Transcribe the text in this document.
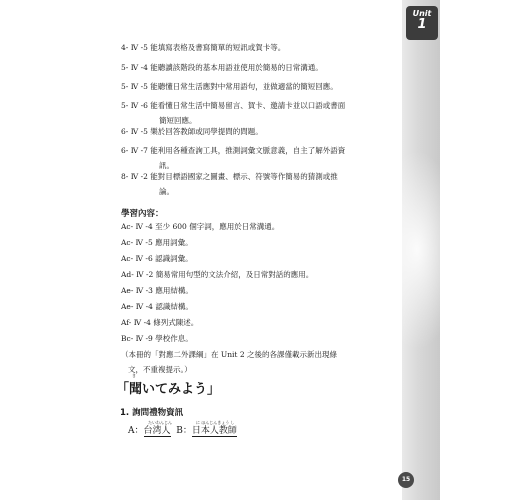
Unit
1
15
4- Ⅳ -5 能填寫表格及書寫簡單的短訊或賀卡等。
5- Ⅳ -4 能聽讀該階段的基本用語並使用於簡易的日常溝通。
5- Ⅳ -5 能聽懂日常生活應對中常用語句，並做適當的簡短回應。
5- Ⅳ -6 能看懂日常生活中簡易留言、賀卡、邀請卡並以口語或書面
簡短回應。
6- Ⅳ -5 樂於回答教師或同學提問的問題。
6- Ⅳ -7 能利用各種查詢工具，推測詞彙文脈意義，自主了解外語資
訊。
8- Ⅳ -2 能對目標語國家之圖畫、標示、符號等作簡易的猜測或推
論。
學習內容：
Ac- Ⅳ -4 至少 600 個字詞，應用於日常溝通。
Ac- Ⅳ -5 應用詞彙。
Ac- Ⅳ -6 認識詞彙。
Ad- Ⅳ -2 簡易常用句型的文法介紹，及日常對話的應用。
Ae- Ⅳ -3 應用結構。
Ae- Ⅳ -4 認識結構。
Af- Ⅳ -4 條列式陳述。
Bc- Ⅳ -9 學校作息。
（本冊的「對應二外課綱」在 Unit 2 之後的各課僅載示新出現條
文，不重複提示。）
き
「聞いてみよう」
1. 詢問禮物資訊
たいわんじん	に ほんじんきょう し
A：台湾人 B：日本人教師
